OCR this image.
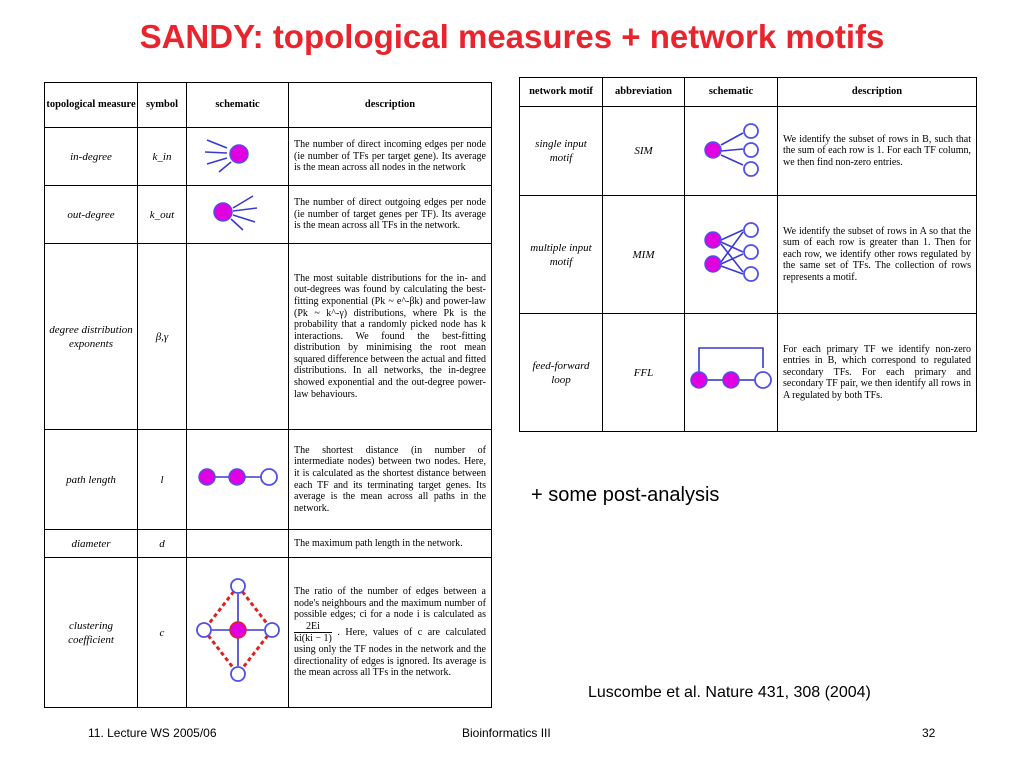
SANDY: topological measures + network motifs
topological measure	symbol	schematic	description
in-degree	k_in		The number of direct incoming edges per node (ie number of TFs per target gene). Its average is the mean across all nodes in the network
out-degree	k_out		The number of direct outgoing edges per node (ie number of target genes per TF). Its average is the mean across all TFs in the network.
degree distribution exponents	β,γ		The most suitable distributions for the in- and out-degrees was found by calculating the best-fitting exponential (Pk ~ e^-βk) and power-law (Pk ~ k^-γ) distributions, where Pk is the probability that a randomly picked node has k interactions. We found the best-fitting distribution by minimising the root mean squared difference between the actual and fitted distributions. In all networks, the in-degree showed exponential and the out-degree power-law behaviours.
path length	l		The shortest distance (in number of intermediate nodes) between two nodes. Here, it is calculated as the shortest distance between each TF and its terminating target genes. Its average is the mean across all paths in the network.
diameter	d		The maximum path length in the network.
clustering coefficient	c		The ratio of the number of edges between a node's neighbours and the maximum number of possible edges; ci for a node i is calculated as
$\frac{2Ei}{ki(ki - 1)}$ . Here, values of c are calculated using only the TF nodes in the network and the directionality of edges is ignored. Its average is the mean across all TFs in the network.
network motif	abbreviation	schematic	description
single input motif	SIM		We identify the subset of rows in B, such that the sum of each row is 1. For each TF column, we then find non-zero entries.
multiple input motif	MIM		We identify the subset of rows in A so that the sum of each row is greater than 1. Then for each row, we identify other rows regulated by the same set of TFs. The collection of rows represents a motif.
feed-forward loop	FFL		For each primary TF we identify non-zero entries in B, which correspond to regulated secondary TFs. For each primary and secondary TF pair, we then identify all rows in A regulated by both TFs.
+ some post-analysis
Luscombe et al. Nature 431, 308 (2004)
11. Lecture WS 2005/06	Bioinformatics III	32
